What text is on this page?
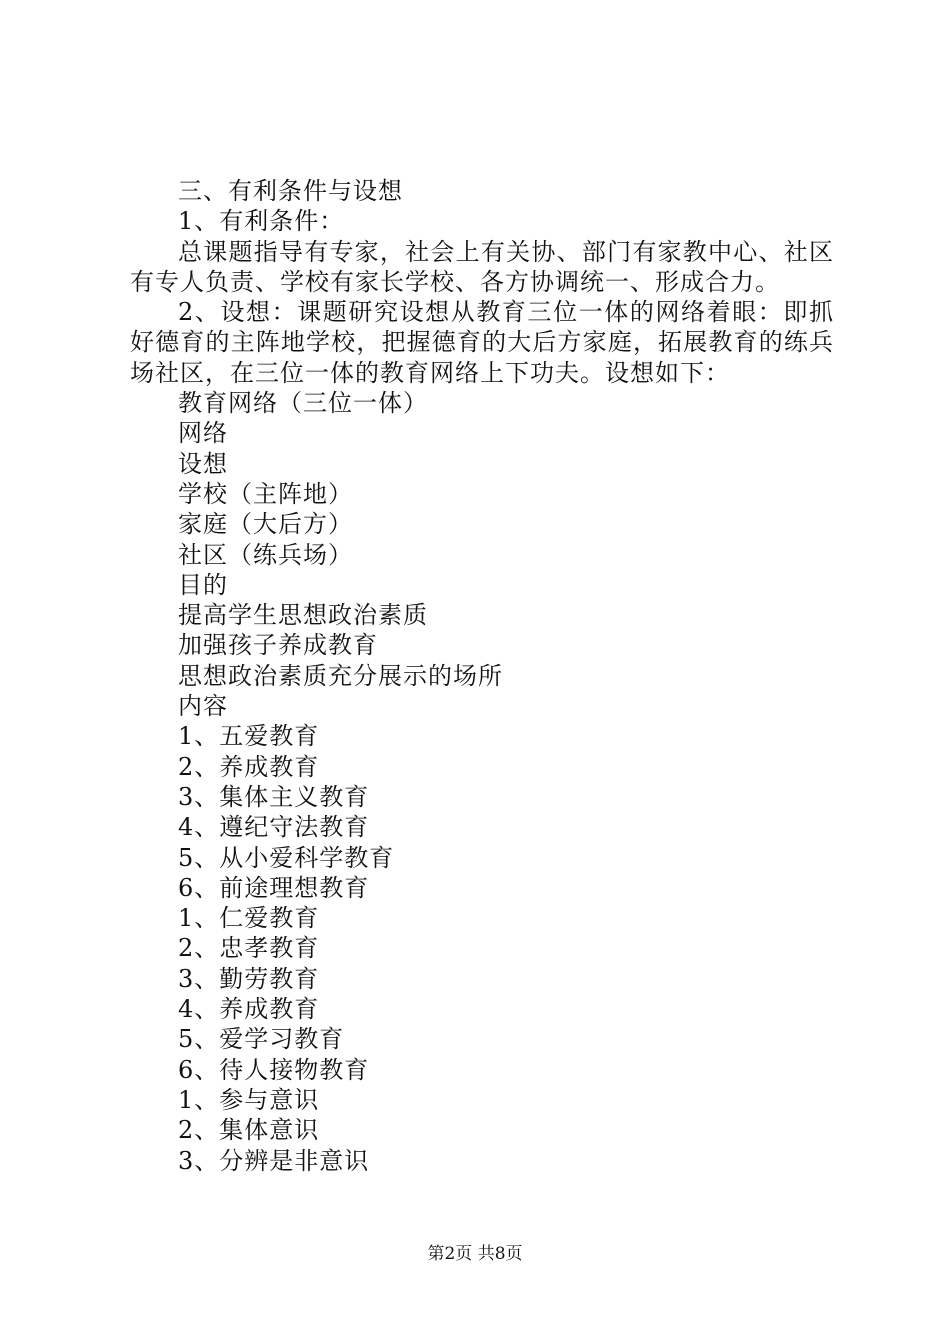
三、有利条件与设想
1、有利条件：
总课题指导有专家，社会上有关协、部门有家教中心、社区有专人负责、学校有家长学校、各方协调统一、形成合力。
2、设想：课题研究设想从教育三位一体的网络着眼：即抓好德育的主阵地学校，把握德育的大后方家庭，拓展教育的练兵场社区，在三位一体的教育网络上下功夫。设想如下：
教育网络（三位一体）
网络
设想
学校（主阵地）
家庭（大后方）
社区（练兵场）
目的
提高学生思想政治素质
加强孩子养成教育
思想政治素质充分展示的场所
内容
1、五爱教育
2、养成教育
3、集体主义教育
4、遵纪守法教育
5、从小爱科学教育
6、前途理想教育
1、仁爱教育
2、忠孝教育
3、勤劳教育
4、养成教育
5、爱学习教育
6、待人接物教育
1、参与意识
2、集体意识
3、分辨是非意识
第2页 共8页
